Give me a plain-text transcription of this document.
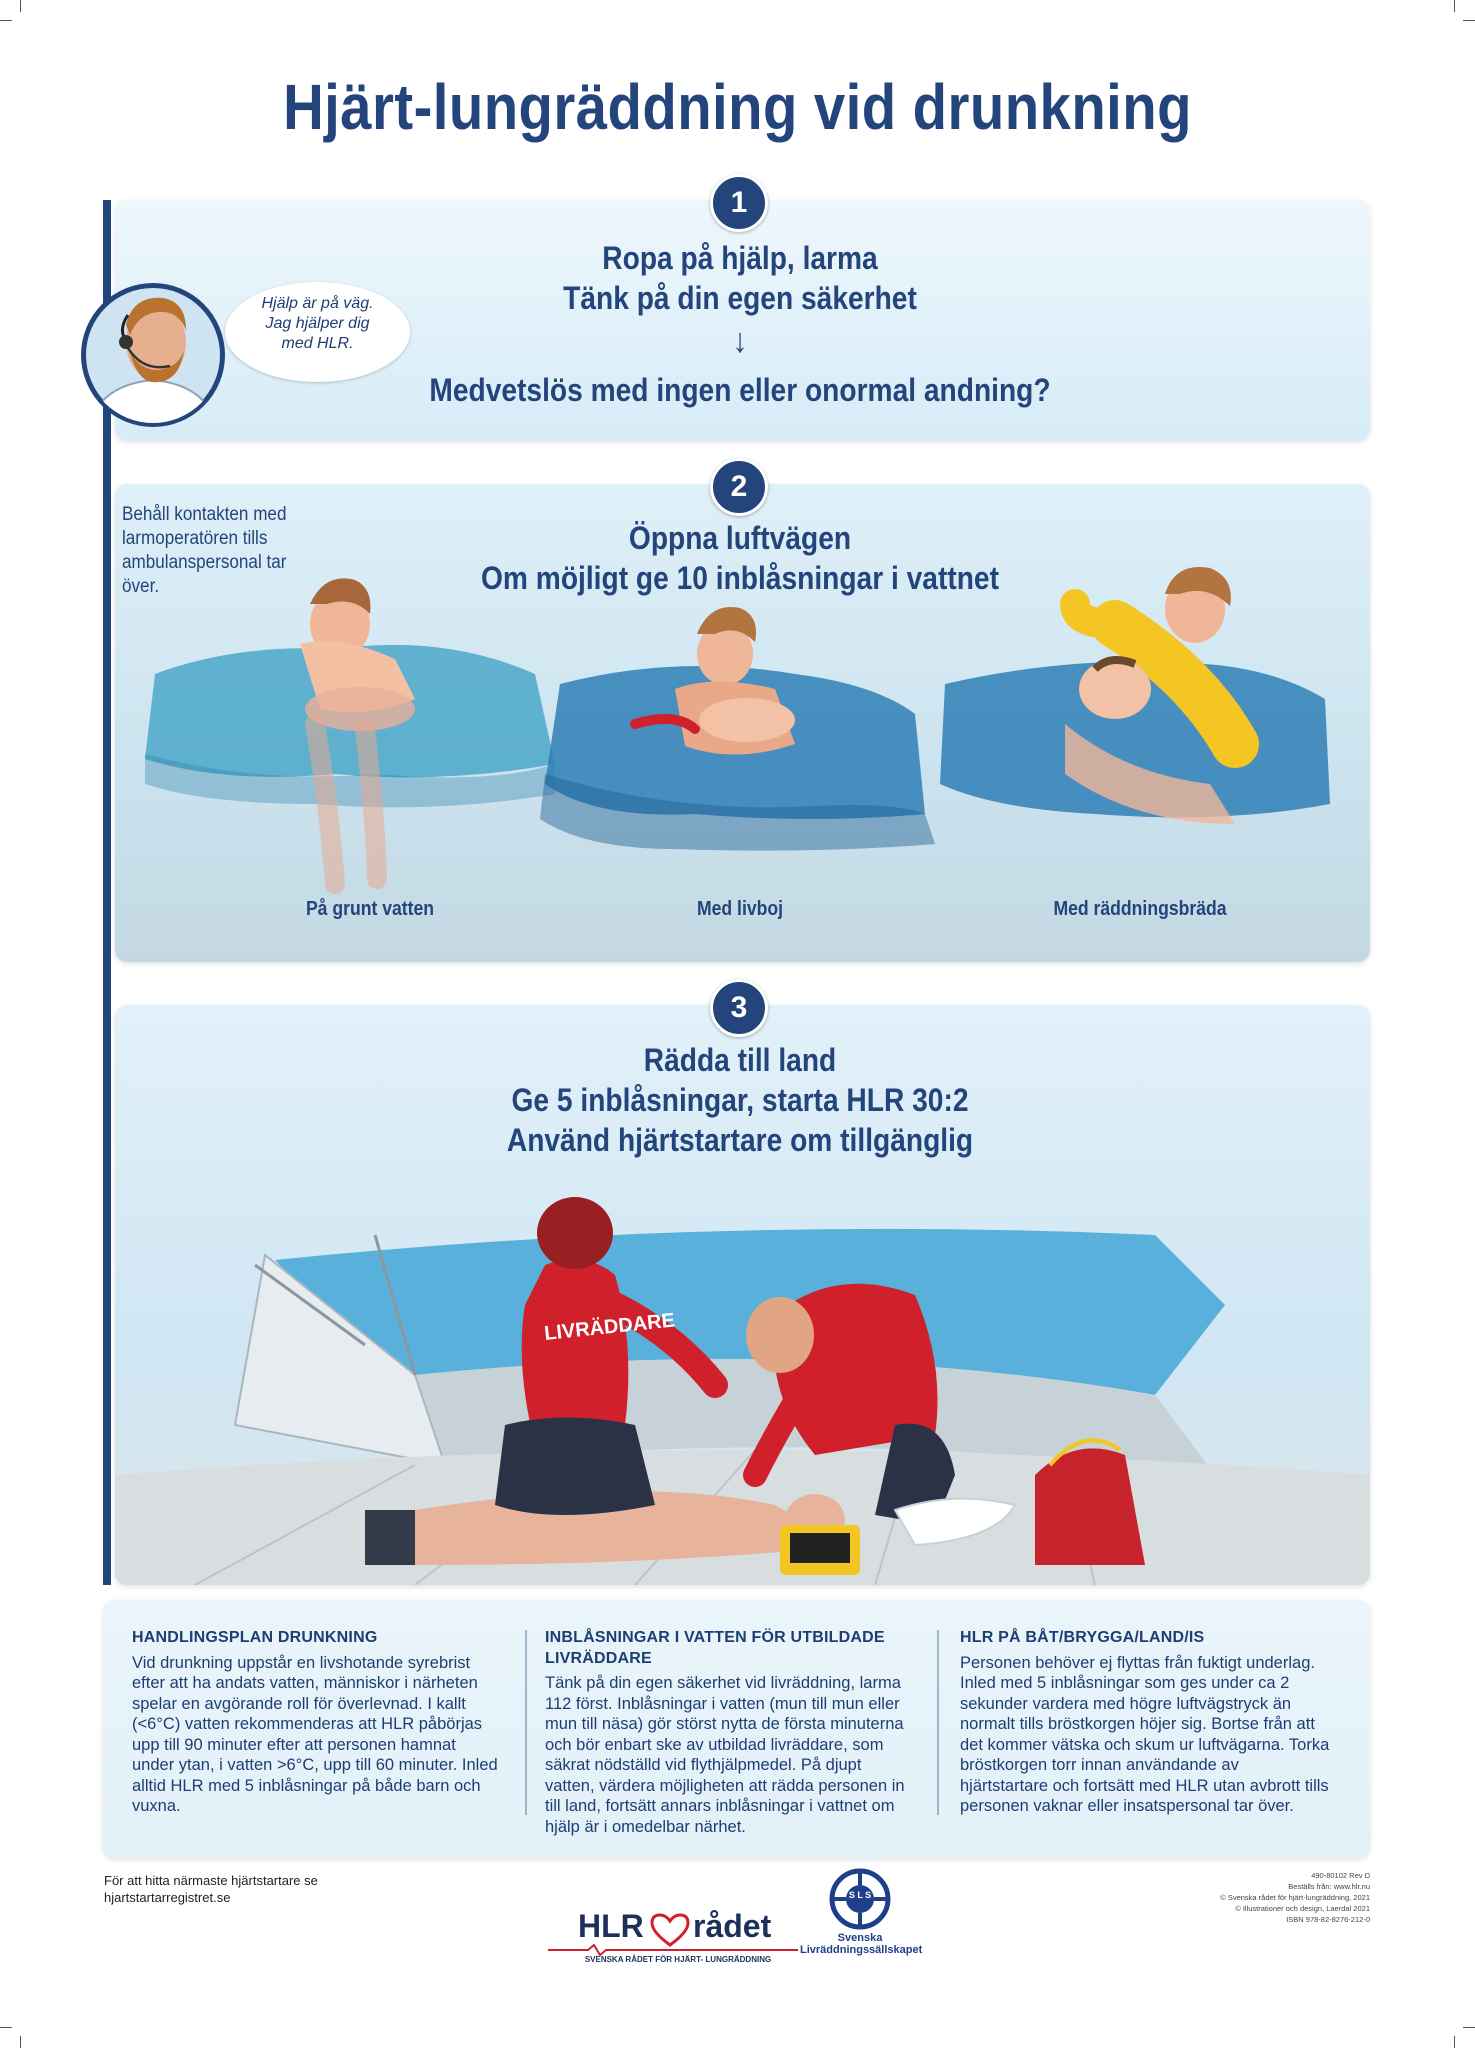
Hjärt-lungräddning vid drunkning
1
Ropa på hjälp, larma
Tänk på din egen säkerhet
↓
Medvetslös med ingen eller onormal andning?
Hjälp är på väg.
Jag hjälper dig
med HLR.
2
Behåll kontakten med larmoperatören tills ambulanspersonal tar över.
Öppna luftvägen
Om möjligt ge 10 inblåsningar i vattnet
På grunt vatten	Med livboj	Med räddningsbräda
LIVRÄDDARE
3
Rädda till land
Ge 5 inblåsningar, starta HLR 30:2
Använd hjärtstartare om tillgänglig
HANDLINGSPLAN DRUNKNING

Vid drunkning uppstår en livshotande syrebrist efter att ha andats vatten, människor i närheten spelar en avgörande roll för överlevnad. I kallt (<6°C) vatten rekommenderas att HLR påbörjas upp till 90 minuter efter att personen hamnat under ytan, i vatten >6°C, upp till 60 minuter. Inled alltid HLR med 5 inblåsningar på både barn och vuxna.

INBLÅSNINGAR I VATTEN FÖR UTBILDADE LIVRÄDDARE

Tänk på din egen säkerhet vid livräddning, larma 112 först. Inblåsningar i vatten (mun till mun eller mun till näsa) gör störst nytta de första minuterna och bör enbart ske av utbildad livräddare, som säkrat nödställd vid flythjälpmedel. På djupt vatten, värdera möjligheten att rädda personen in till land, fortsätt annars inblåsningar i vattnet om hjälp är i omedelbar närhet.

HLR PÅ BÅT/BRYGGA/LAND/IS

Personen behöver ej flyttas från fuktigt underlag. Inled med 5 inblåsningar som ges under ca 2 sekunder vardera med högre luftvägstryck än normalt tills bröstkorgen höjer sig. Bortse från att det kommer vätska och skum ur luftvägarna. Torka bröstkorgen torr innan användande av hjärtstartare och fortsätt med HLR utan avbrott tills personen vaknar eller insatspersonal tar över.

För att hitta närmaste hjärtstartare se
hjartstartarregistret.se
HLR rådet
SVENSKA RÅDET FÖR HJÄRT- LUNGRÄDDNING
S L S
Svenska
Livräddningssällskapet
490-80102 Rev D
Beställs från: www.hlr.nu
© Svenska rådet för hjärt-lungräddning, 2021
© Illustrationer och design, Laerdal 2021
ISBN 978-82-8276-212-0
